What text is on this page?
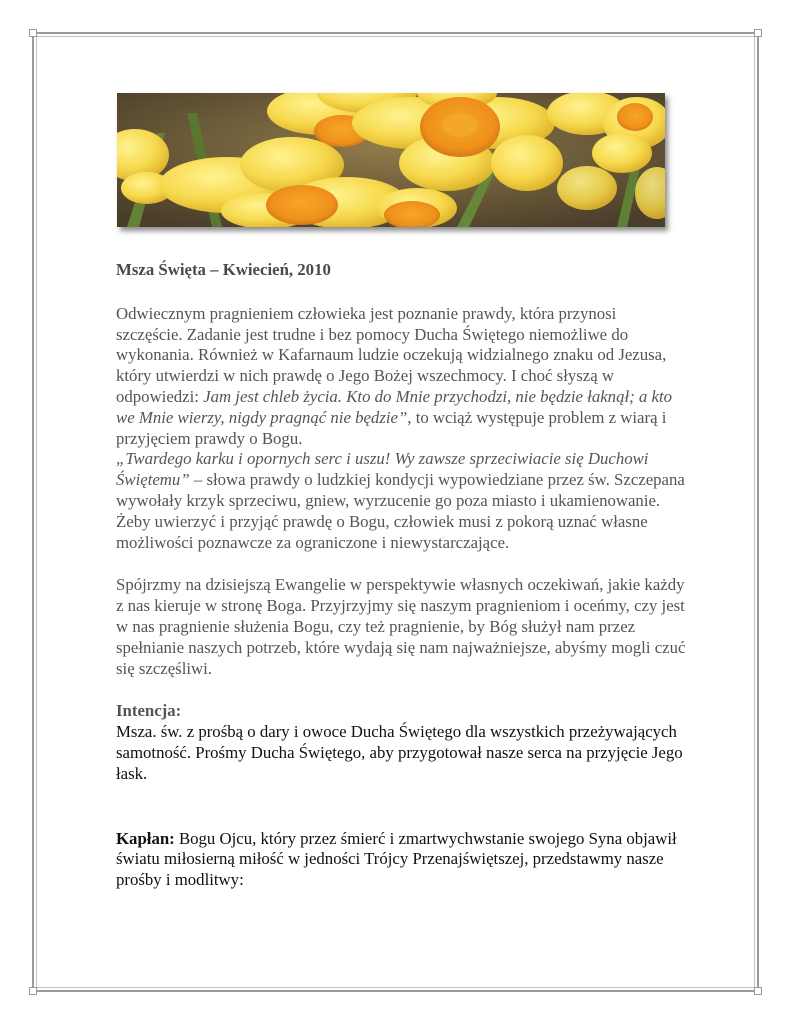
Msza Święta – Kwiecień, 2010

Odwiecznym pragnieniem człowieka jest poznanie prawdy, która przynosi szczęście. Zadanie jest trudne i bez pomocy Ducha Świętego niemożliwe do wykonania. Również w Kafarnaum ludzie oczekują widzialnego znaku od Jezusa, który utwierdzi w nich prawdę o Jego Bożej wszechmocy. I choć słyszą w odpowiedzi: Jam jest chleb życia. Kto do Mnie przychodzi, nie będzie łaknął; a kto we Mnie wierzy, nigdy pragnąć nie będzie”, to wciąż występuje problem z wiarą i przyjęciem prawdy o Bogu.
„Twardego karku i opornych serc i uszu! Wy zawsze sprzeciwiacie się Duchowi Świętemu” – słowa prawdy o ludzkiej kondycji wypowiedziane przez św. Szczepana wywołały krzyk sprzeciwu, gniew, wyrzucenie go poza miasto i ukamienowanie.
Żeby uwierzyć i przyjąć prawdę o Bogu, człowiek musi z pokorą uznać własne możliwości poznawcze za ograniczone i niewystarczające.

Spójrzmy na dzisiejszą Ewangelie w perspektywie własnych oczekiwań, jakie każdy z nas kieruje w stronę Boga. Przyjrzyjmy się naszym pragnieniom i oceńmy, czy jest w nas pragnienie służenia Bogu, czy też pragnienie, by Bóg służył nam przez spełnianie naszych potrzeb, które wydają się nam najważniejsze, abyśmy mogli czuć się szczęśliwi.

Intencja:

Msza. św. z prośbą o dary i owoce Ducha Świętego dla wszystkich przeżywających samotność. Prośmy Ducha Świętego, aby przygotował nasze serca na przyjęcie Jego łask.

Kapłan: Bogu Ojcu, który przez śmierć i zmartwychwstanie swojego Syna objawił światu miłosierną miłość w jedności Trójcy Przenajświętszej, przedstawmy nasze prośby i modlitwy:
